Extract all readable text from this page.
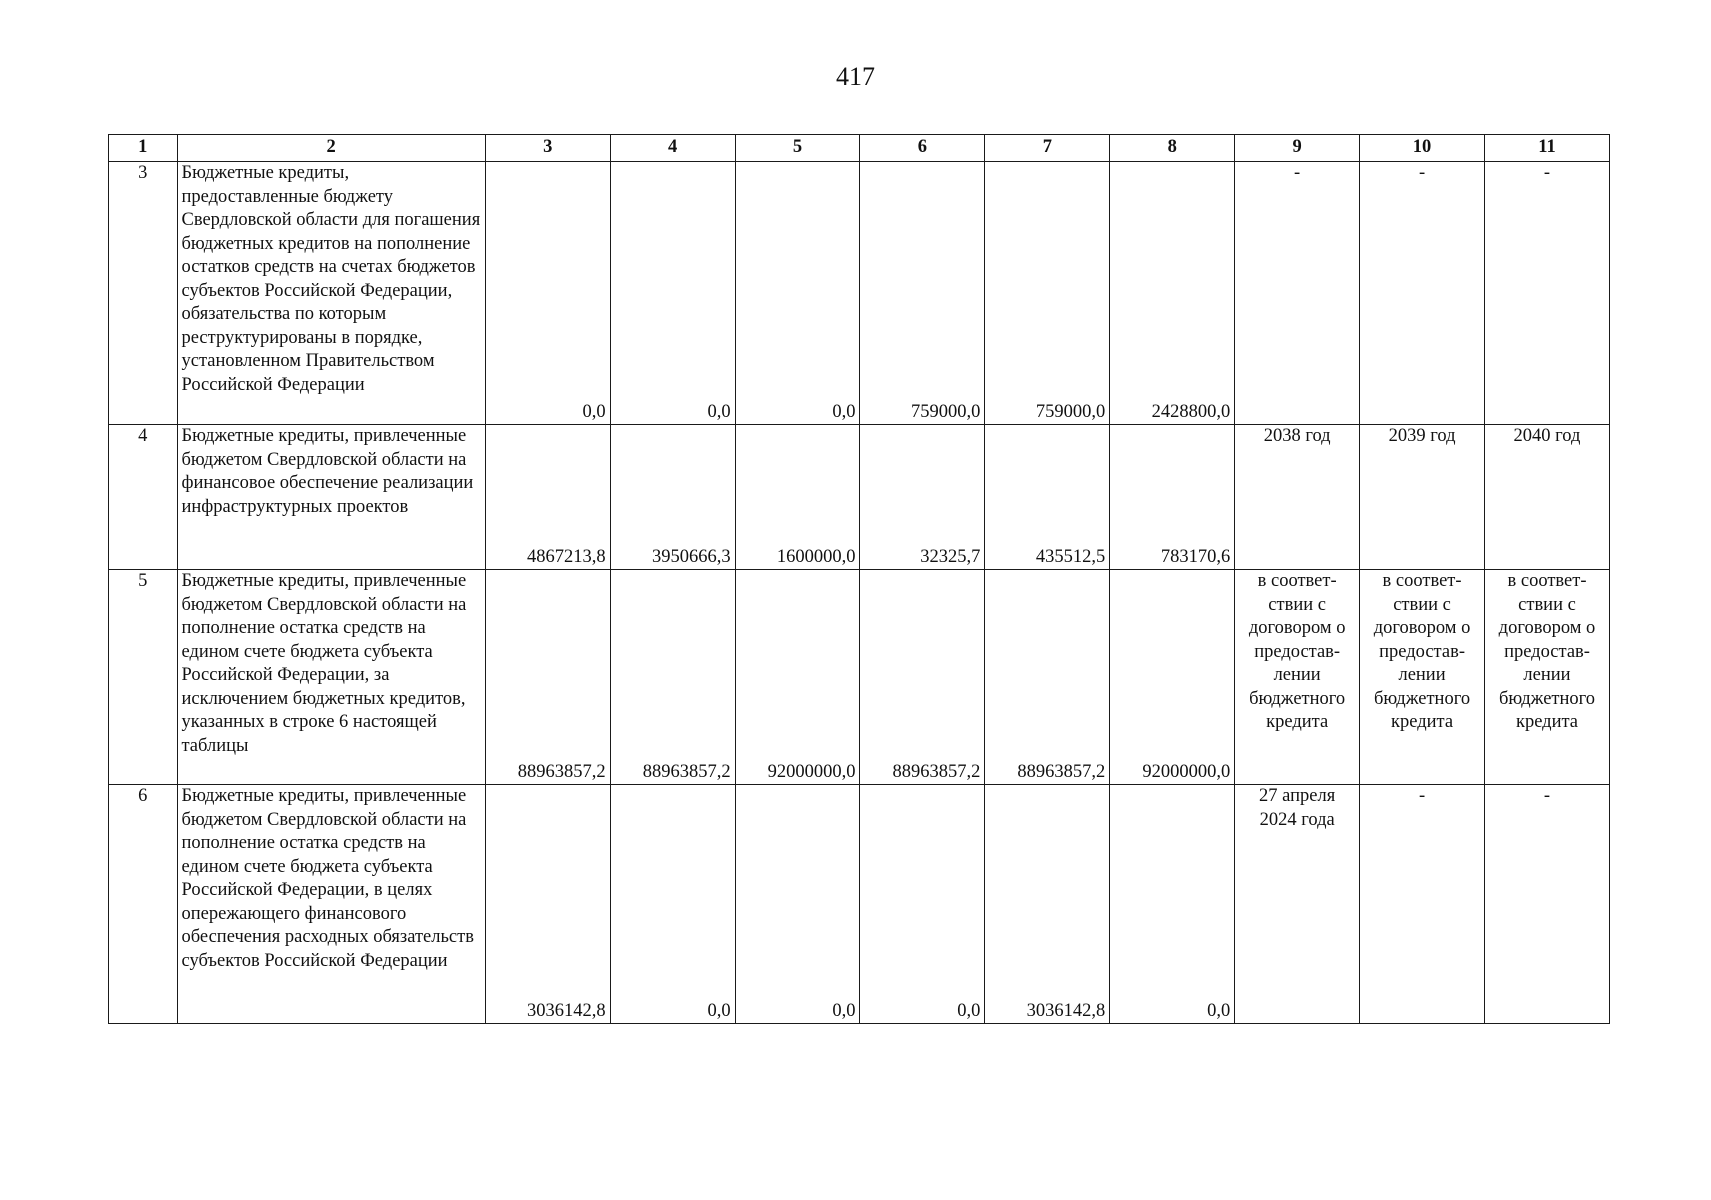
417
1	2	3	4	5	6	7	8	9	10	11
3	Бюджетные кредиты, предоставленные бюджету Свердловской области для погашения бюджетных кредитов на пополнение остатков средств на счетах бюджетов субъектов Российской Федерации, обязательства по которым реструктурированы в порядке, установленном Правительством Российской Федерации	0,0	0,0	0,0	759000,0	759000,0	2428800,0	-	-	-
4	Бюджетные кредиты, привлеченные бюджетом Свердловской области на финансовое обеспечение реализации инфраструктурных проектов	4867213,8	3950666,3	1600000,0	32325,7	435512,5	783170,6	2038 год	2039 год	2040 год
5	Бюджетные кредиты, привлеченные бюджетом Свердловской области на пополнение остатка средств на едином счете бюджета субъекта Российской Федерации, за исключением бюджетных кредитов, указанных в строке 6 настоящей таблицы	88963857,2	88963857,2	92000000,0	88963857,2	88963857,2	92000000,0	в соответ-ствии с договором о предостав-лении бюджетного кредита	в соответ-ствии с договором о предостав-лении бюджетного кредита	в соответ-ствии с договором о предостав-лении бюджетного кредита
6	Бюджетные кредиты, привлеченные бюджетом Свердловской области на пополнение остатка средств на едином счете бюджета субъекта Российской Федерации, в целях опережающего финансового обеспечения расходных обязательств субъектов Российской Федерации	3036142,8	0,0	0,0	0,0	3036142,8	0,0	27 апреля 2024 года	-	-
